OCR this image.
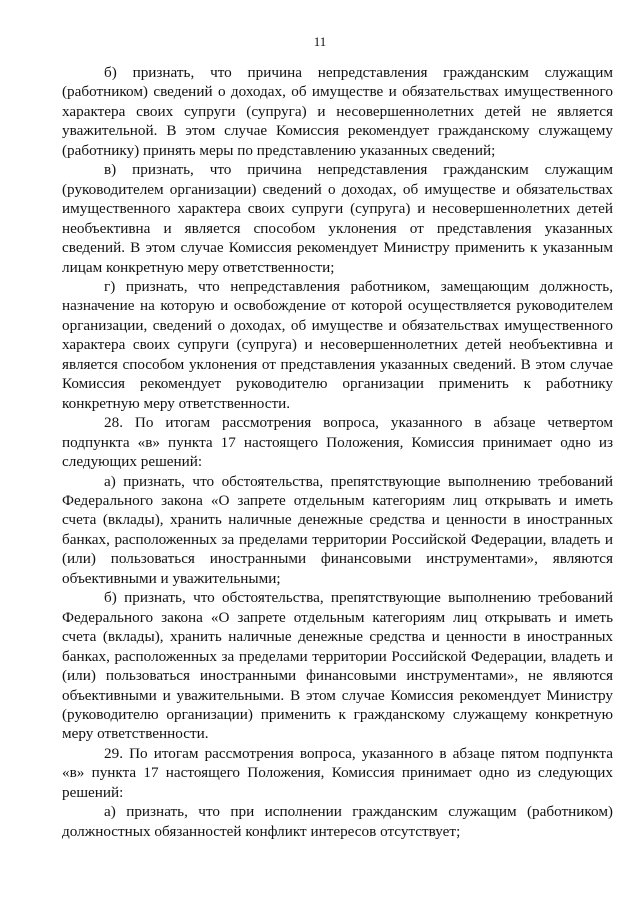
11

б) признать, что причина непредставления гражданским служащим (работником) сведений о доходах, об имуществе и обязательствах имущественного характера своих супруги (супруга) и несовершеннолетних детей не является уважительной. В этом случае Комиссия рекомендует гражданскому служащему (работнику) принять меры по представлению указанных сведений;

в) признать, что причина непредставления гражданским служащим (руководителем организации) сведений о доходах, об имуществе и обязательствах имущественного характера своих супруги (супруга) и несовершеннолетних детей необъективна и является способом уклонения от представления указанных сведений. В этом случае Комиссия рекомендует Министру применить к указанным лицам конкретную меру ответственности;

г) признать, что непредставления работником, замещающим должность, назначение на которую и освобождение от которой осуществляется руководителем организации, сведений о доходах, об имуществе и обязательствах имущественного характера своих супруги (супруга) и несовершеннолетних детей необъективна и является способом уклонения от представления указанных сведений. В этом случае Комиссия рекомендует руководителю организации применить к работнику конкретную меру ответственности.

28. По итогам рассмотрения вопроса, указанного в абзаце четвертом подпункта «в» пункта 17 настоящего Положения, Комиссия принимает одно из следующих решений:

а) признать, что обстоятельства, препятствующие выполнению требований Федерального закона «О запрете отдельным категориям лиц открывать и иметь счета (вклады), хранить наличные денежные средства и ценности в иностранных банках, расположенных за пределами территории Российской Федерации, владеть и (или) пользоваться иностранными финансовыми инструментами», являются объективными и уважительными;

б) признать, что обстоятельства, препятствующие выполнению требований Федерального закона «О запрете отдельным категориям лиц открывать и иметь счета (вклады), хранить наличные денежные средства и ценности в иностранных банках, расположенных за пределами территории Российской Федерации, владеть и (или) пользоваться иностранными финансовыми инструментами», не являются объективными и уважительными. В этом случае Комиссия рекомендует Министру (руководителю организации) применить к гражданскому служащему конкретную меру ответственности.

29. По итогам рассмотрения вопроса, указанного в абзаце пятом подпункта «в» пункта 17 настоящего Положения, Комиссия принимает одно из следующих решений:

а) признать, что при исполнении гражданским служащим (работником) должностных обязанностей конфликт интересов отсутствует;
